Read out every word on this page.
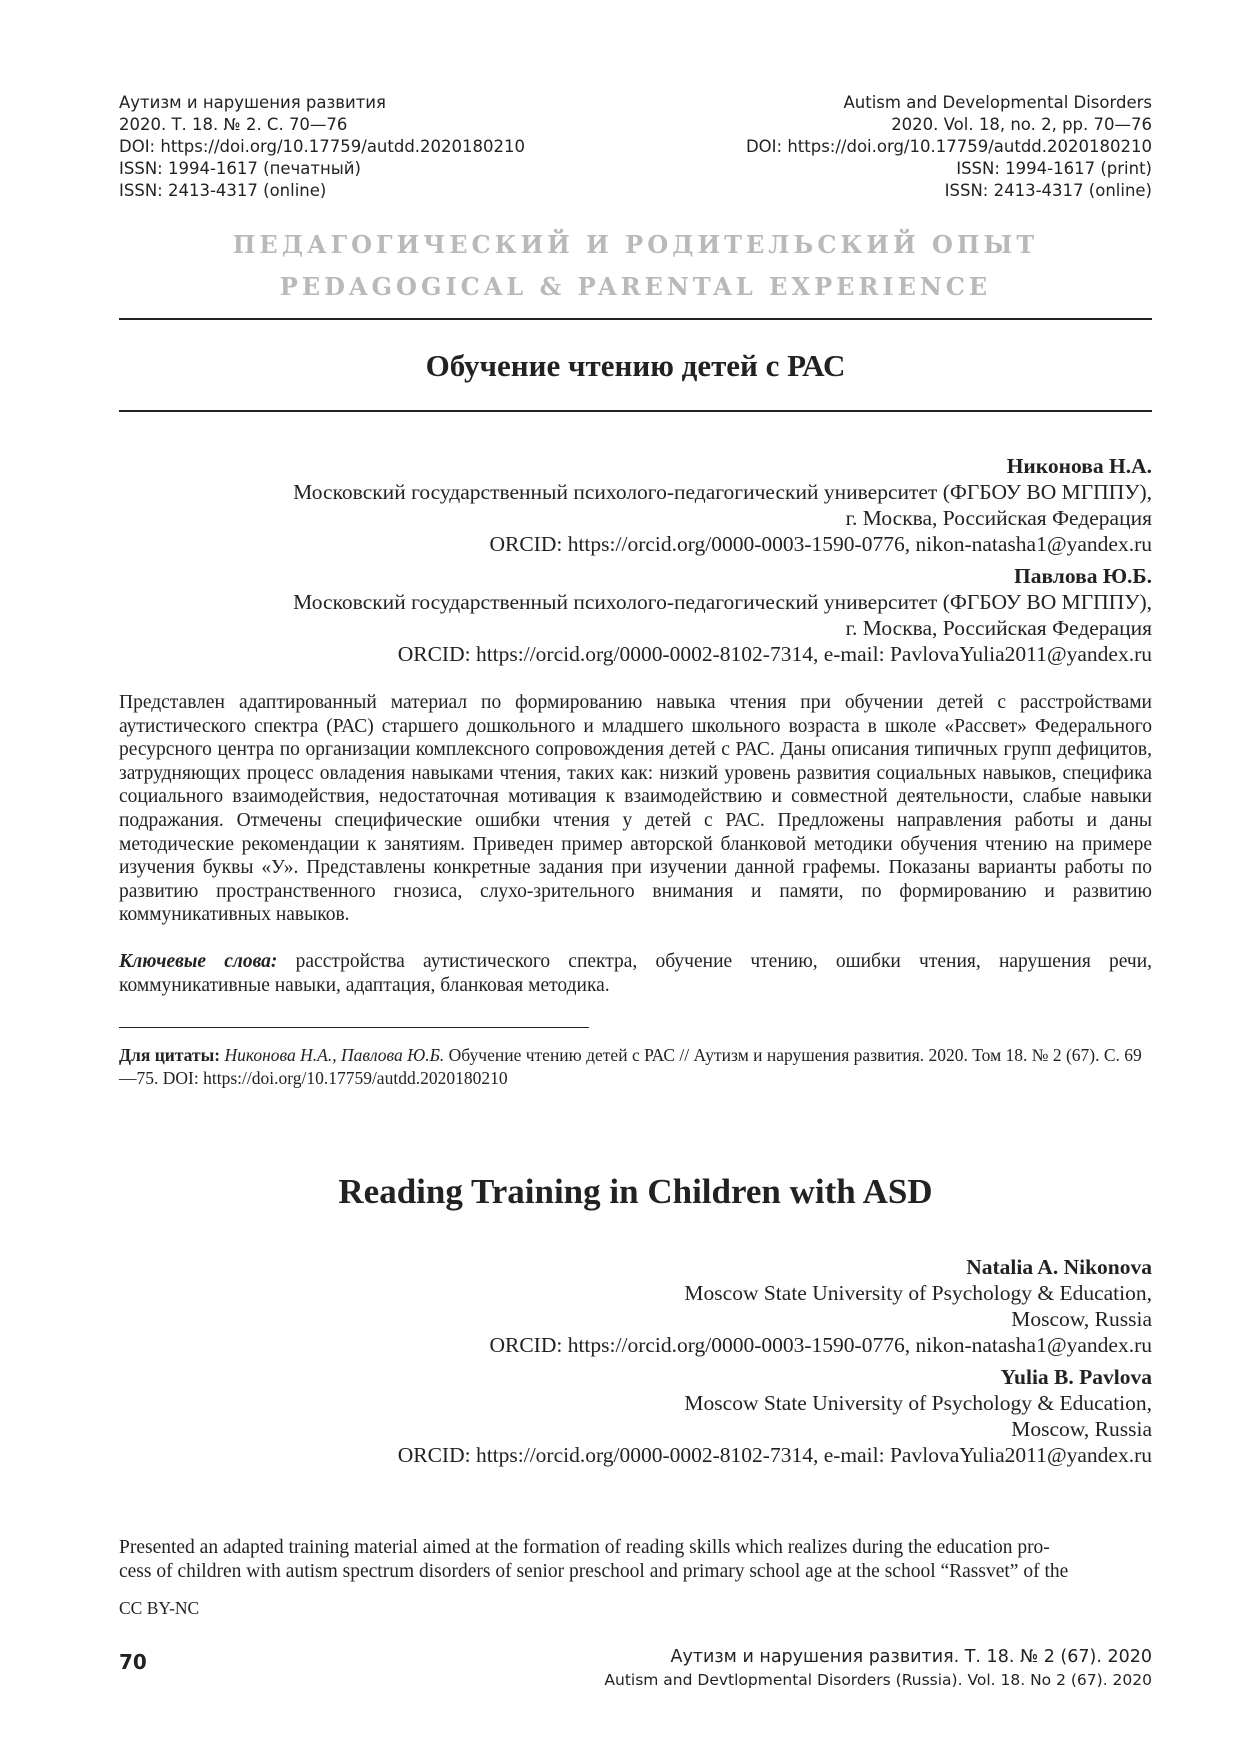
Аутизм и нарушения развития
2020. Т. 18. № 2. С. 70—76
DOI: https://doi.org/10.17759/autdd.2020180210
ISSN: 1994-1617 (печатный)
ISSN: 2413-4317 (online)
Autism and Developmental Disorders
2020. Vol. 18, no. 2, pp. 70—76
DOI: https://doi.org/10.17759/autdd.2020180210
ISSN: 1994-1617 (print)
ISSN: 2413-4317 (online)
ПЕДАГОГИЧЕСКИЙ И РОДИТЕЛЬСКИЙ ОПЫТ
PEDAGOGICAL & PARENTAL EXPERIENCE
Обучение чтению детей с РАС
Никонова Н.А.
Московский государственный психолого-педагогический университет (ФГБОУ ВО МГППУ),
г. Москва, Российская Федерация
ORCID: https://orcid.org/0000-0003-1590-0776, nikon-natasha1@yandex.ru
Павлова Ю.Б.
Московский государственный психолого-педагогический университет (ФГБОУ ВО МГППУ),
г. Москва, Российская Федерация
ORCID: https://orcid.org/0000-0002-8102-7314, e-mail: PavlovaYulia2011@yandex.ru
Представлен адаптированный материал по формированию навыка чтения при обучении детей с расстройствами аутистического спектра (РАС) старшего дошкольного и младшего школьного возраста в школе «Рассвет» Федерального ресурсного центра по организации комплексного сопровождения детей с РАС. Даны описания типичных групп дефицитов, затрудняющих процесс овладения навыками чтения, таких как: низкий уровень развития социальных навыков, специфика социального взаимодействия, недостаточная мотивация к взаимодействию и совместной деятельности, слабые навыки подражания. Отмечены специфические ошибки чтения у детей с РАС. Предложены направления работы и даны методические рекомендации к занятиям. Приведен пример авторской бланковой методики обучения чтению на примере изучения буквы «У». Представлены конкретные задания при изучении данной графемы. Показаны варианты работы по развитию пространственного гнозиса, слухо-зрительного внимания и памяти, по формированию и развитию коммуникативных навыков.
Ключевые слова: расстройства аутистического спектра, обучение чтению, ошибки чтения, нарушения речи, коммуникативные навыки, адаптация, бланковая методика.
Для цитаты: Никонова Н.А., Павлова Ю.Б. Обучение чтению детей с РАС // Аутизм и нарушения развития. 2020. Том 18. № 2 (67). С. 69—75. DOI: https://doi.org/10.17759/autdd.2020180210
Reading Training in Children with ASD
Natalia A. Nikonova
Moscow State University of Psychology & Education,
Moscow, Russia
ORCID: https://orcid.org/0000-0003-1590-0776, nikon-natasha1@yandex.ru
Yulia B. Pavlova
Moscow State University of Psychology & Education,
Moscow, Russia
ORCID: https://orcid.org/0000-0002-8102-7314, e-mail: PavlovaYulia2011@yandex.ru
Presented an adapted training material aimed at the formation of reading skills which realizes during the education pro-
cess of children with autism spectrum disorders of senior preschool and primary school age at the school “Rassvet” of the
CC BY-NC
70	Аутизм и нарушения развития. Т. 18. № 2 (67). 2020
Autism and Devtlopmental Disorders (Russia). Vol. 18. No 2 (67). 2020
